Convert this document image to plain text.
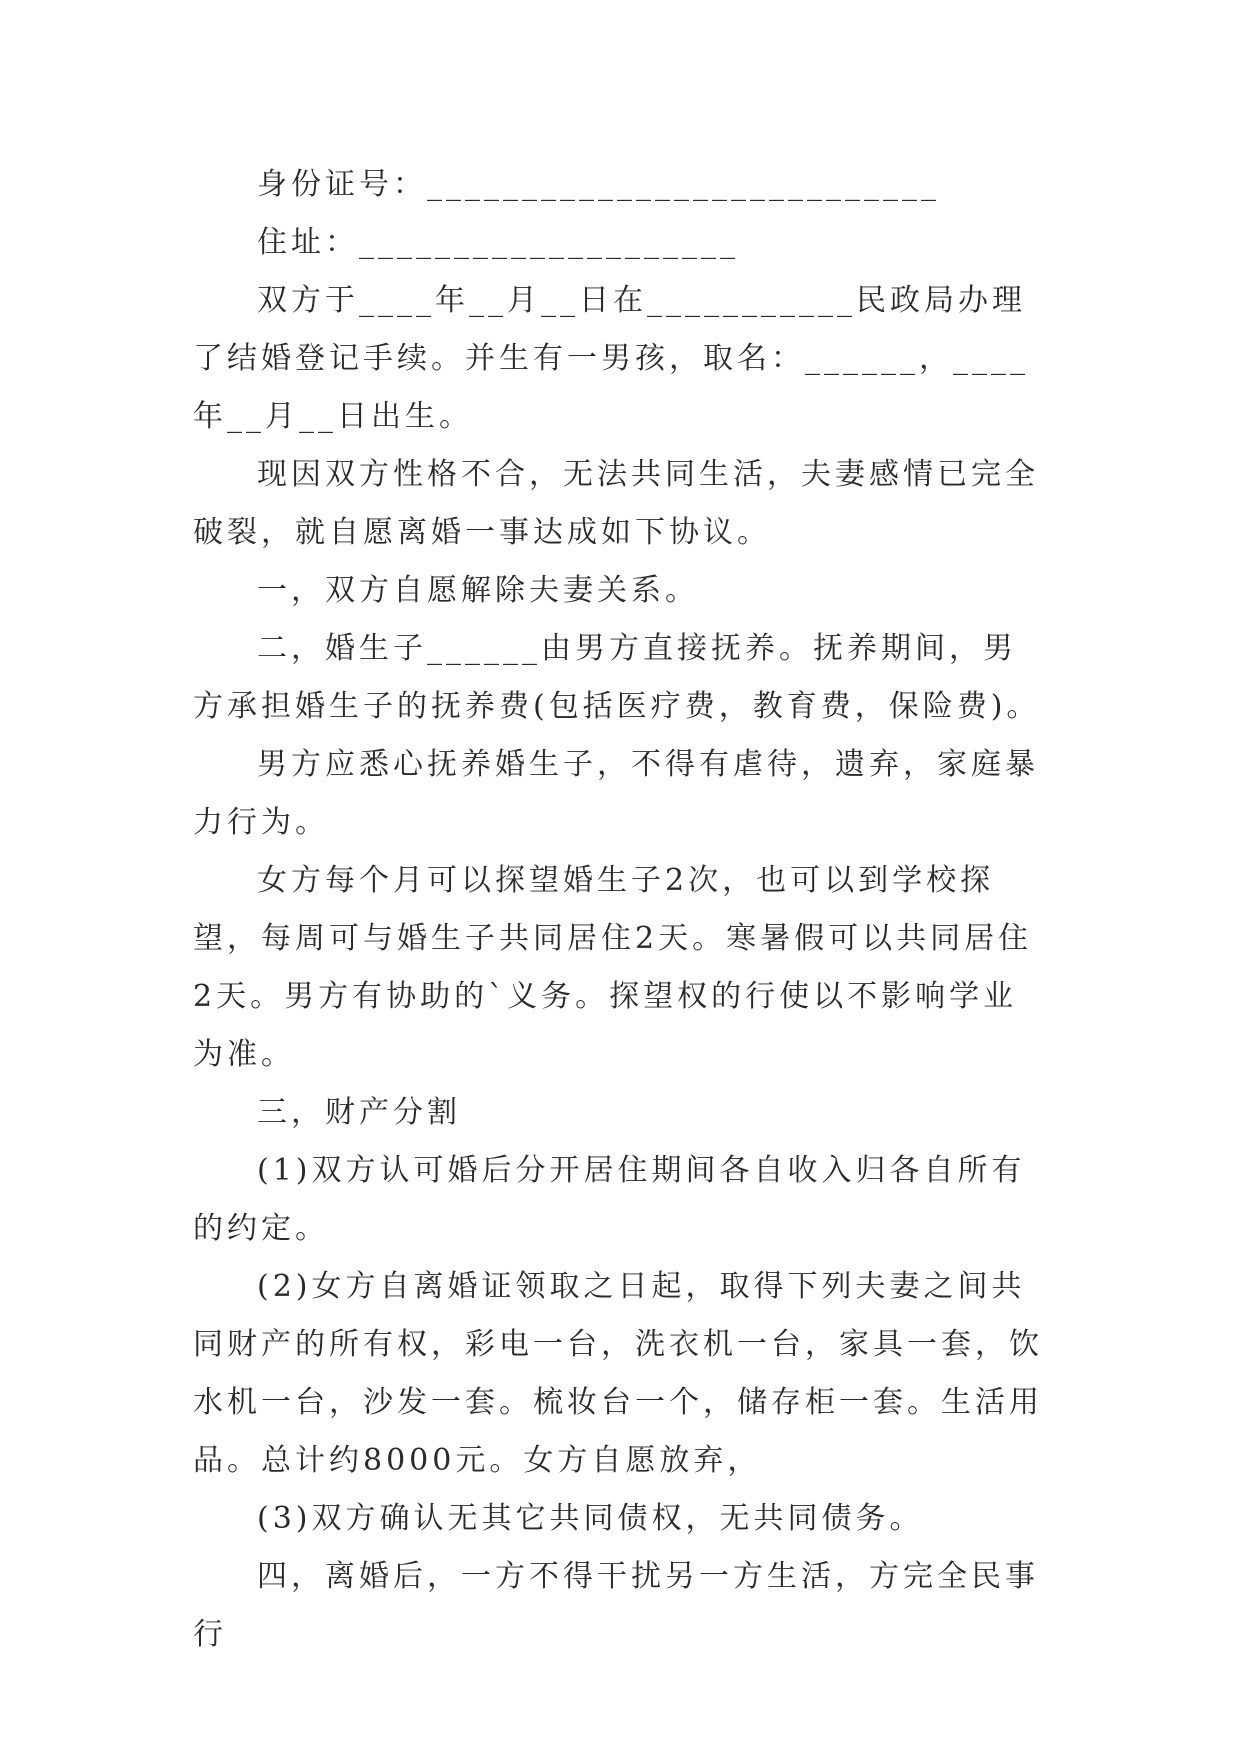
身份证号：___________________________

住址：____________________

双方于____年__月__日在___________民政局办理了结婚登记手续。并生有一男孩，取名：______，____年__月__日出生。

现因双方性格不合，无法共同生活，夫妻感情已完全破裂，就自愿离婚一事达成如下协议。

一，双方自愿解除夫妻关系。

二，婚生子______由男方直接抚养。抚养期间，男方承担婚生子的抚养费(包括医疗费，教育费，保险费)。

男方应悉心抚养婚生子，不得有虐待，遗弃，家庭暴力行为。

女方每个月可以探望婚生子2次，也可以到学校探望，每周可与婚生子共同居住2天。寒暑假可以共同居住2天。男方有协助的`义务。探望权的行使以不影响学业为准。

三，财产分割

(1)双方认可婚后分开居住期间各自收入归各自所有的约定。

(2)女方自离婚证领取之日起，取得下列夫妻之间共同财产的所有权，彩电一台，洗衣机一台，家具一套，饮水机一台，沙发一套。梳妆台一个，储存柜一套。生活用品。总计约8000元。女方自愿放弃，

(3)双方确认无其它共同债权，无共同债务。

四，离婚后，一方不得干扰另一方生活，方完全民事行
